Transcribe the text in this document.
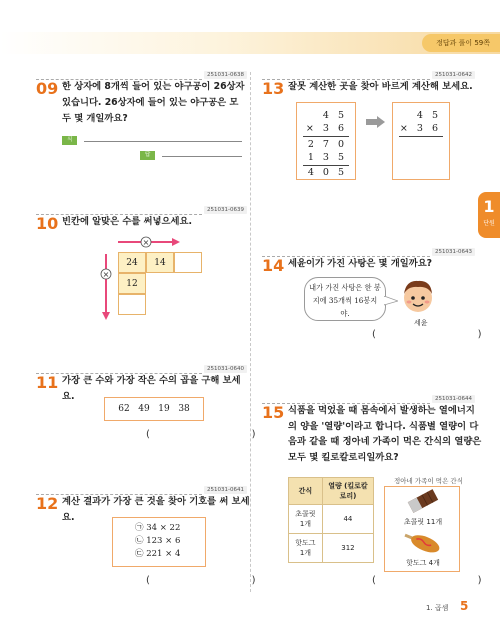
정답과 풀이 59쪽
1
단원
251031-0638
09 한 상자에 8개씩 들어 있는 야구공이 26상자 있습니다. 26상자에 들어 있는 야구공은 모두 몇 개일까요?
식
답
251031-0639
10 빈칸에 알맞은 수를 써넣으세요.
×
×
24	14
12
251031-0640
11 가장 큰 수와 가장 작은 수의 곱을 구해 보세요.
62   49   19   38
(                                )
251031-0641
12 계산 결과가 가장 큰 것을 찾아 기호를 써 보세요.
㉠ 34 × 22
㉡ 123 × 6
㉢ 221 × 4
(                                )
251031-0642
13 잘못 계산한 곳을 찾아 바르게 계산해 보세요.
4 5
× 3 6
2 7 0
1 3 5
4 0 5
4 5
× 3 6
251031-0643
14 세윤이가 가진 사탕은 몇 개일까요?
내가 가진 사탕은 한 봉지에 35개씩 16봉지야.
세윤
(                                )
251031-0644
15 식품을 먹었을 때 몸속에서 발생하는 열에너지의 양을 '열량'이라고 합니다. 식품별 열량이 다음과 같을 때 정아네 가족이 먹은 간식의 열량은 모두 몇 킬로칼로리일까요?
간식	열량 (킬로칼로리)
초콜릿 1개	44
핫도그 1개	312
정아네 가족이 먹은 간식
초콜릿 11개
핫도그 4개
(                                )
1. 곱셈 5
